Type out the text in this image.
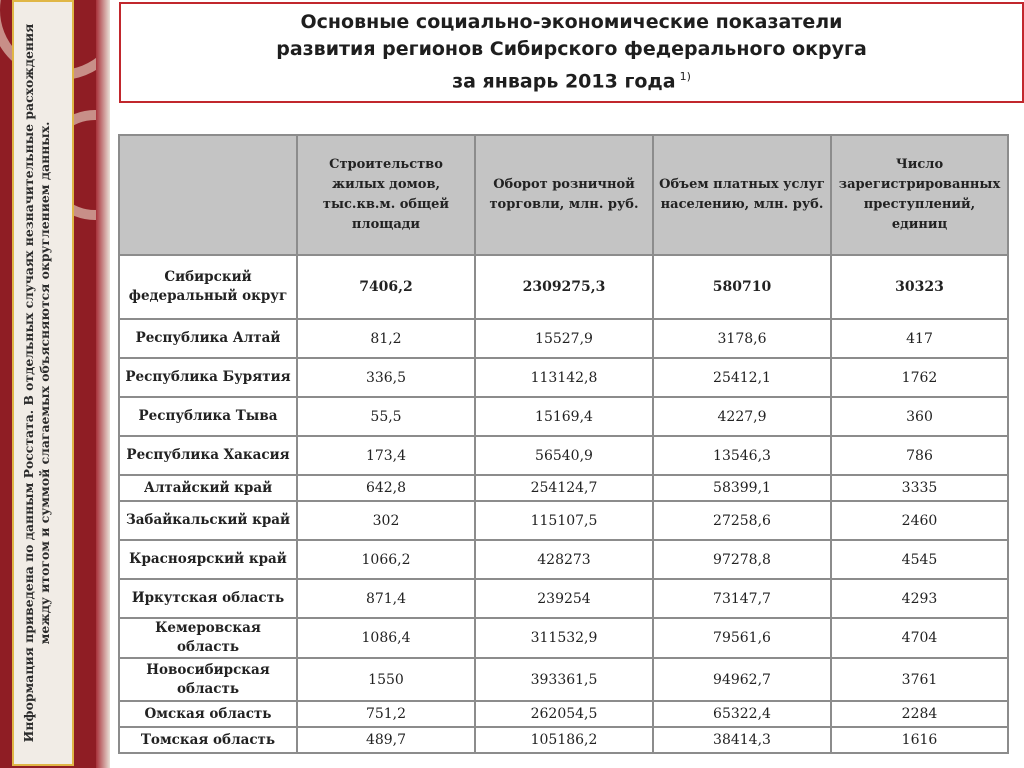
Информация приведена по данным Росстата. В отдельных случаях незначительные расхождения между итогом и суммой слагаемых объясняются округлением данных.
Основные социально-экономические показатели
развития регионов Сибирского федерального округа
за январь 2013 года $^{1)}$
	Строительство жилых домов, тыс.кв.м. общей площади	Оборот розничной торговли, млн. руб.	Объем платных услуг населению, млн. руб.	Число зарегистрированных преступлений, единиц
Сибирский федеральный округ	7406,2	2309275,3	580710	30323
Республика Алтай	81,2	15527,9	3178,6	417
Республика Бурятия	336,5	113142,8	25412,1	1762
Республика Тыва	55,5	15169,4	4227,9	360
Республика Хакасия	173,4	56540,9	13546,3	786
Алтайский край	642,8	254124,7	58399,1	3335
Забайкальский край	302	115107,5	27258,6	2460
Красноярский край	1066,2	428273	97278,8	4545
Иркутская область	871,4	239254	73147,7	4293
Кемеровская область	1086,4	311532,9	79561,6	4704
Новосибирская область	1550	393361,5	94962,7	3761
Омская область	751,2	262054,5	65322,4	2284
Томская область	489,7	105186,2	38414,3	1616
